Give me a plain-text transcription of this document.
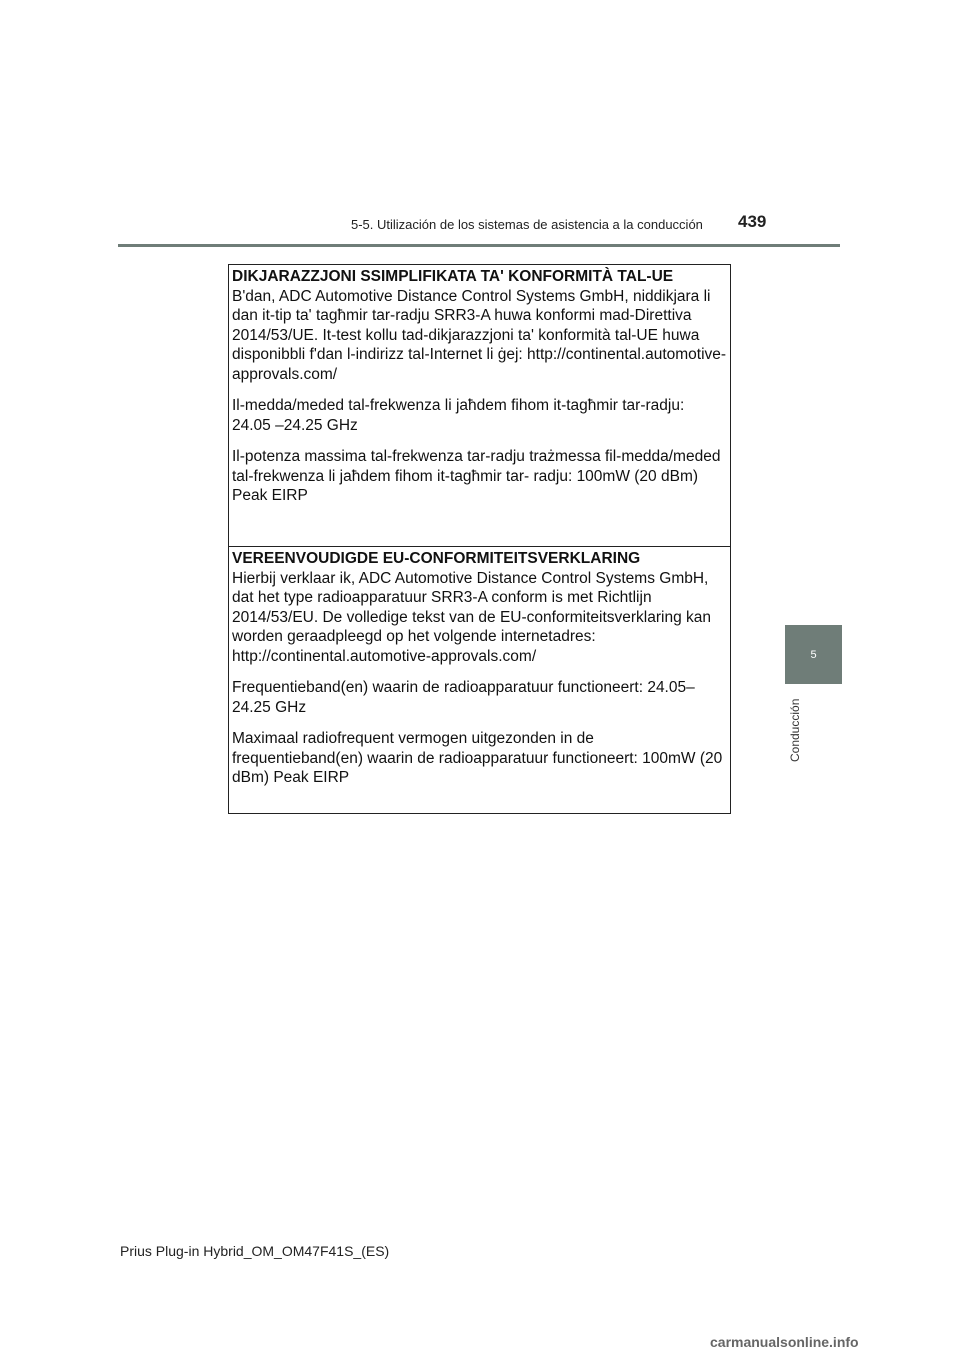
5-5. Utilización de los sistemas de asistencia a la conducción 439
5
Conducción
DIKJARAZZJONI SSIMPLIFIKATA TA' KONFORMITÀ TAL-UE

B'dan, ADC Automotive Distance Control Systems GmbH, niddikjara li dan it-tip ta' tagħmir tar-radju SRR3-A huwa konformi mad-Direttiva 2014/53/UE. It-test kollu tad-dikjarazzjoni ta' konformità tal-UE huwa disponibbli f'dan l-indirizz tal-Internet li ġej: http://continental.automotive-approvals.com/

Il-medda/meded tal-frekwenza li jaħdem fihom it-tagħmir tar-radju: 24.05 –24.25 GHz

Il-potenza massima tal-frekwenza tar-radju trażmessa fil-medda/meded tal-frekwenza li jaħdem fihom it-tagħmir tar- radju: 100mW (20 dBm) Peak EIRP

VEREENVOUDIGDE EU-CONFORMITEITSVERKLARING

Hierbij verklaar ik, ADC Automotive Distance Control Systems GmbH, dat het type radioapparatuur SRR3-A conform is met Richtlijn 2014/53/EU. De volledige tekst van de EU-conformiteitsverklaring kan worden geraadpleegd op het volgende internetadres: http://continental.automotive-approvals.com/

Frequentieband(en) waarin de radioapparatuur functioneert: 24.05–24.25 GHz

Maximaal radiofrequent vermogen uitgezonden in de frequentieband(en) waarin de radioapparatuur functioneert: 100mW (20 dBm) Peak EIRP

Prius Plug-in Hybrid_OM_OM47F41S_(ES)
carmanualsonline.info
